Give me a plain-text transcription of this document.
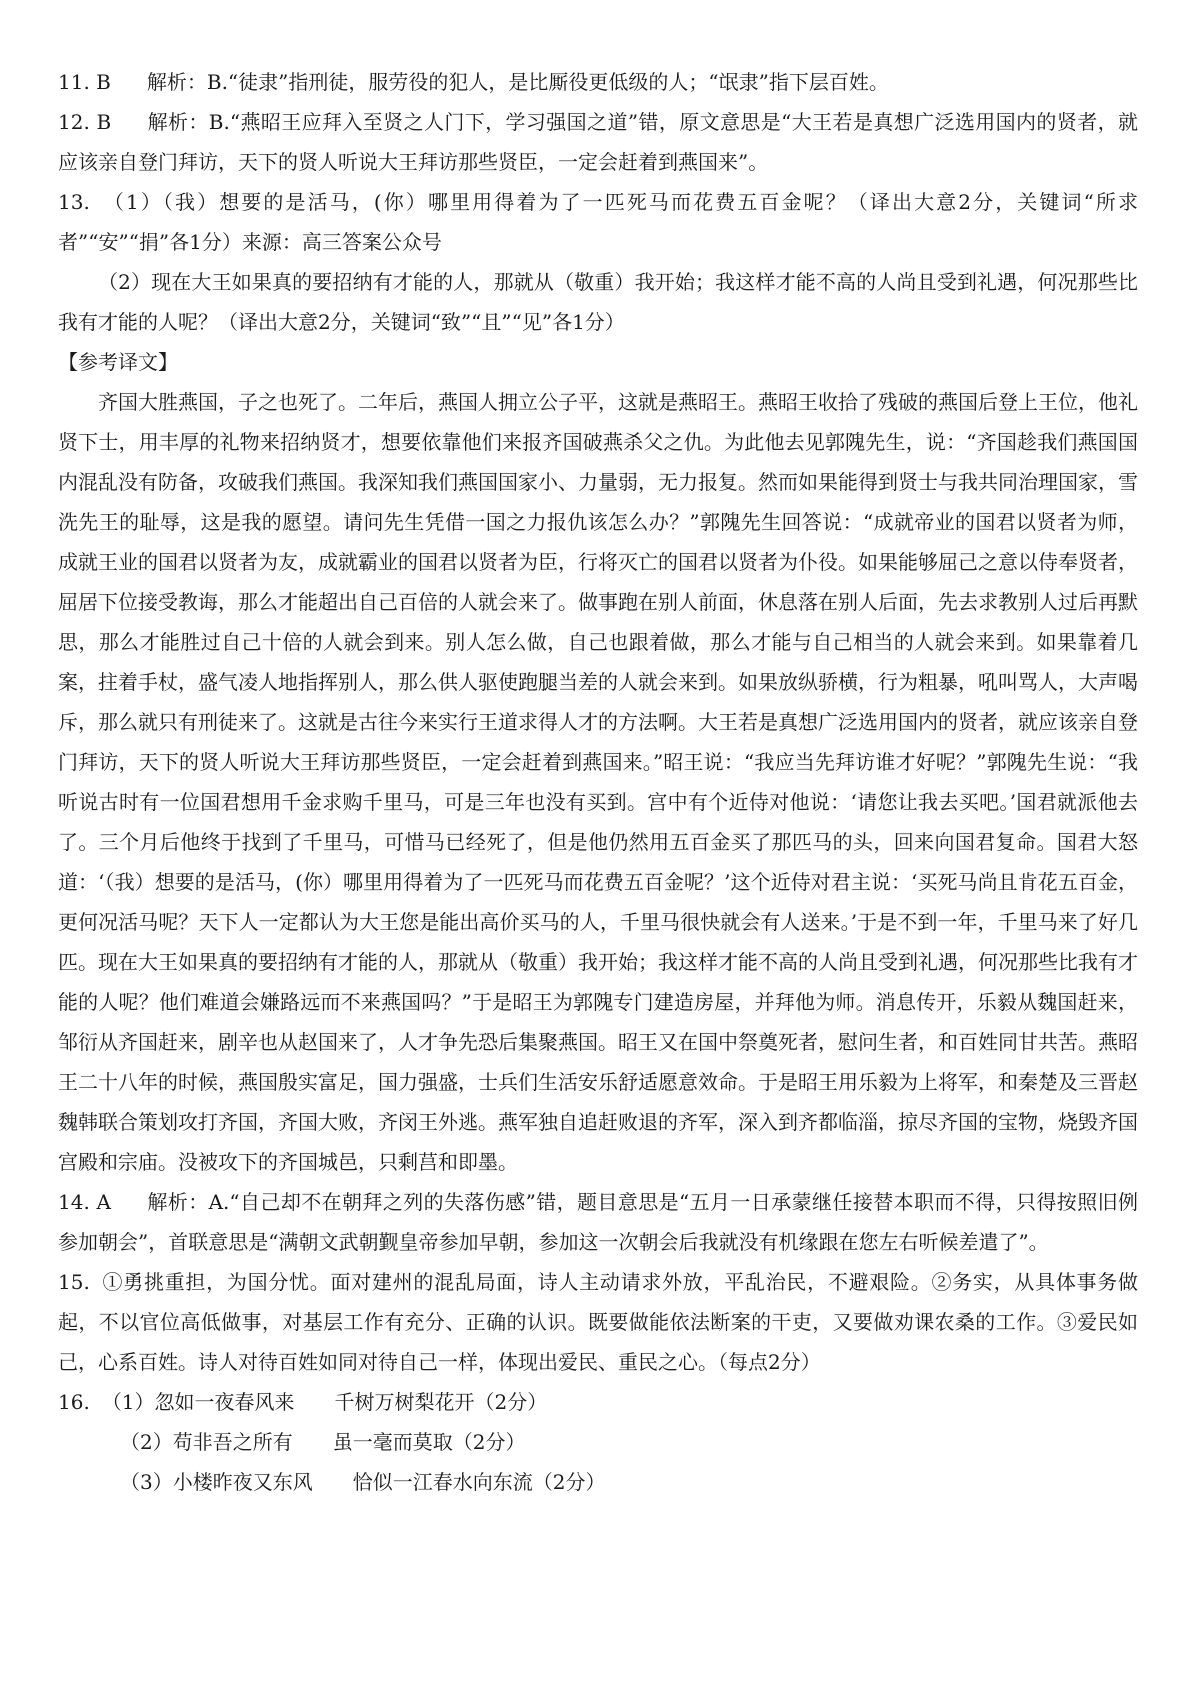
11. B 解析：B.“徒隶”指刑徒，服劳役的犯人，是比厮役更低级的人；“氓隶”指下层百姓。

12. B 解析：B.“燕昭王应拜入至贤之人门下，学习强国之道”错，原文意思是“大王若是真想广泛选用国内的贤者，就应该亲自登门拜访，天下的贤人听说大王拜访那些贤臣，一定会赶着到燕国来”。

13. （1）（我）想要的是活马，(你）哪里用得着为了一匹死马而花费五百金呢？（译出大意2分，关键词“所求者”“安”“捐”各1分）来源：高三答案公众号

（2）现在大王如果真的要招纳有才能的人，那就从（敬重）我开始；我这样才能不高的人尚且受到礼遇，何况那些比我有才能的人呢？（译出大意2分，关键词“致”“且”“见”各1分）

【参考译文】

齐国大胜燕国，子之也死了。二年后，燕国人拥立公子平，这就是燕昭王。燕昭王收拾了残破的燕国后登上王位，他礼贤下士，用丰厚的礼物来招纳贤才，想要依靠他们来报齐国破燕杀父之仇。为此他去见郭隗先生，说：“齐国趁我们燕国国内混乱没有防备，攻破我们燕国。我深知我们燕国国家小、力量弱，无力报复。然而如果能得到贤士与我共同治理国家，雪洗先王的耻辱，这是我的愿望。请问先生凭借一国之力报仇该怎么办？”郭隗先生回答说：“成就帝业的国君以贤者为师，成就王业的国君以贤者为友，成就霸业的国君以贤者为臣，行将灭亡的国君以贤者为仆役。如果能够屈己之意以侍奉贤者，屈居下位接受教诲，那么才能超出自己百倍的人就会来了。做事跑在别人前面，休息落在别人后面，先去求教别人过后再默思，那么才能胜过自己十倍的人就会到来。别人怎么做，自己也跟着做，那么才能与自己相当的人就会来到。如果靠着几案，拄着手杖，盛气凌人地指挥别人，那么供人驱使跑腿当差的人就会来到。如果放纵骄横，行为粗暴，吼叫骂人，大声喝斥，那么就只有刑徒来了。这就是古往今来实行王道求得人才的方法啊。大王若是真想广泛选用国内的贤者，就应该亲自登门拜访，天下的贤人听说大王拜访那些贤臣，一定会赶着到燕国来。”昭王说：“我应当先拜访谁才好呢？”郭隗先生说：“我听说古时有一位国君想用千金求购千里马，可是三年也没有买到。宫中有个近侍对他说：‘请您让我去买吧。’国君就派他去了。三个月后他终于找到了千里马，可惜马已经死了，但是他仍然用五百金买了那匹马的头，回来向国君复命。国君大怒道：‘（我）想要的是活马，(你）哪里用得着为了一匹死马而花费五百金呢？’这个近侍对君主说：‘买死马尚且肯花五百金，更何况活马呢？天下人一定都认为大王您是能出高价买马的人，千里马很快就会有人送来。’于是不到一年，千里马来了好几匹。现在大王如果真的要招纳有才能的人，那就从（敬重）我开始；我这样才能不高的人尚且受到礼遇，何况那些比我有才能的人呢？他们难道会嫌路远而不来燕国吗？”于是昭王为郭隗专门建造房屋，并拜他为师。消息传开，乐毅从魏国赶来，邹衍从齐国赶来，剧辛也从赵国来了，人才争先恐后集聚燕国。昭王又在国中祭奠死者，慰问生者，和百姓同甘共苦。燕昭王二十八年的时候，燕国殷实富足，国力强盛，士兵们生活安乐舒适愿意效命。于是昭王用乐毅为上将军，和秦楚及三晋赵魏韩联合策划攻打齐国，齐国大败，齐闵王外逃。燕军独自追赶败退的齐军，深入到齐都临淄，掠尽齐国的宝物，烧毁齐国宫殿和宗庙。没被攻下的齐国城邑，只剩莒和即墨。

14. A 解析：A.“自己却不在朝拜之列的失落伤感”错，题目意思是“五月一日承蒙继任接替本职而不得，只得按照旧例参加朝会”，首联意思是“满朝文武朝觐皇帝参加早朝，参加这一次朝会后我就没有机缘跟在您左右听候差遣了”。

15. ①勇挑重担，为国分忧。面对建州的混乱局面，诗人主动请求外放，平乱治民，不避艰险。②务实，从具体事务做起，不以官位高低做事，对基层工作有充分、正确的认识。既要做能依法断案的干吏，又要做劝课农桑的工作。③爱民如己，心系百姓。诗人对待百姓如同对待自己一样，体现出爱民、重民之心。（每点2分）

16. （1）忽如一夜春风来 千树万树梨花开（2分）

（2）苟非吾之所有 虽一毫而莫取（2分）

（3）小楼昨夜又东风 恰似一江春水向东流（2分）
